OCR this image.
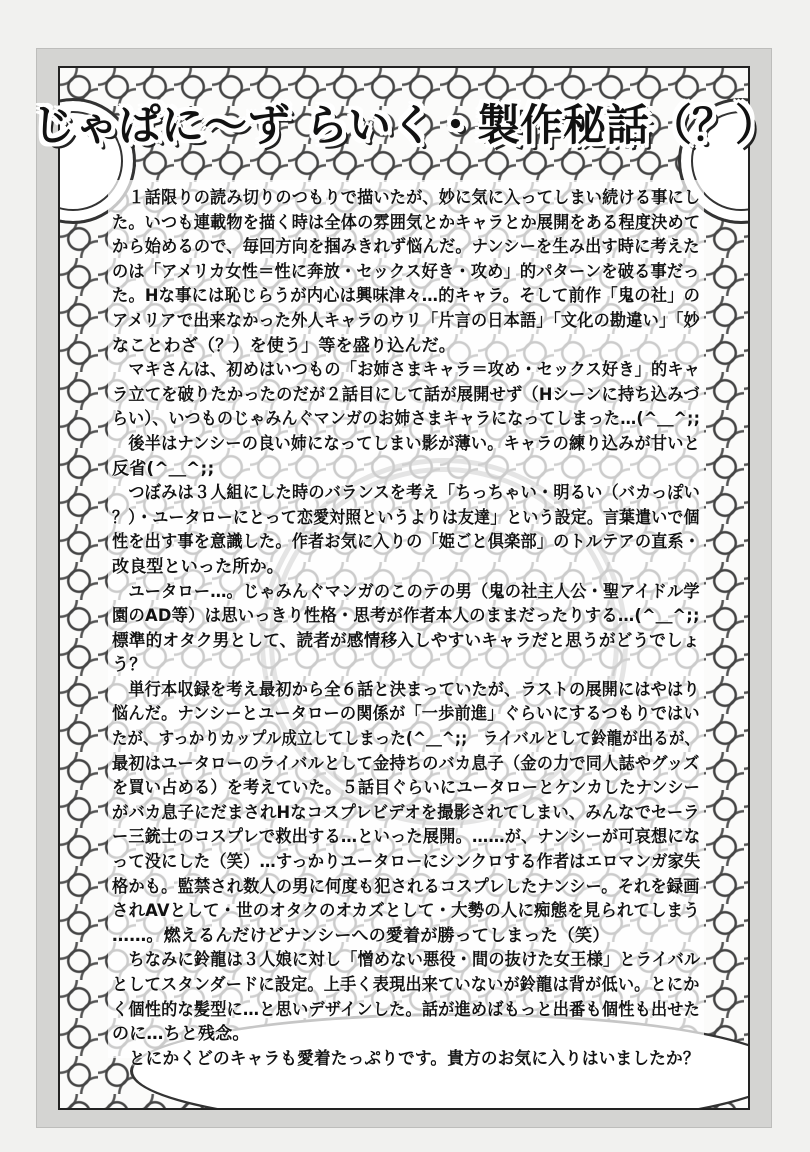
じゃぱに〜ず らいく・製作秘話（？）
　１話限りの読み切りのつもりで描いたが、妙に気に入ってしまい続ける事にし
た。いつも連載物を描く時は全体の雰囲気とかキャラとか展開をある程度決めて
から始めるので、毎回方向を掴みきれず悩んだ。ナンシーを生み出す時に考えた
のは「アメリカ女性＝性に奔放・セックス好き・攻め」的パターンを破る事だっ
た。Hな事には恥じらうが内心は興味津々…的キャラ。そして前作「鬼の社」の
アメリアで出来なかった外人キャラのウリ「片言の日本語」「文化の勘違い」「妙
なことわざ（？）を使う」等を盛り込んだ。
　マキさんは、初めはいつもの「お姉さまキャラ＝攻め・セックス好き」的キャ
ラ立てを破りたかったのだが２話目にして話が展開せず（Hシーンに持ち込みづ
らい）、いつものじゃみんぐマンガのお姉さまキャラになってしまった…(^＿^;;
　後半はナンシーの良い姉になってしまい影が薄い。キャラの練り込みが甘いと
反省(^＿^;;
　つぼみは３人組にした時のバランスを考え「ちっちゃい・明るい（バカっぽい
？）・ユータローにとって恋愛対照というよりは友達」という設定。言葉遣いで個
性を出す事を意識した。作者お気に入りの「姫ごと倶楽部」のトルテアの直系・
改良型といった所か。
　ユータロー…。じゃみんぐマンガのこのテの男（鬼の社主人公・聖アイドル学
園のAD等）は思いっきり性格・思考が作者本人のままだったりする…(^＿^;;
標準的オタク男として、読者が感情移入しやすいキャラだと思うがどうでしょ
う？
　単行本収録を考え最初から全６話と決まっていたが、ラストの展開にはやはり
悩んだ。ナンシーとユータローの関係が「一歩前進」ぐらいにするつもりではい
たが、すっかりカップル成立してしまった(^＿^;;　ライバルとして鈴龍が出るが、
最初はユータローのライバルとして金持ちのバカ息子（金の力で同人誌やグッズ
を買い占める）を考えていた。５話目ぐらいにユータローとケンカしたナンシー
がバカ息子にだまされHなコスプレビデオを撮影されてしまい、みんなでセーラ
ー三銃士のコスプレで救出する…といった展開。……が、ナンシーが可哀想にな
って没にした（笑）…すっかりユータローにシンクロする作者はエロマンガ家失
格かも。監禁され数人の男に何度も犯されるコスプレしたナンシー。それを録画
されAVとして・世のオタクのオカズとして・大勢の人に痴態を見られてしまう
……。燃えるんだけどナンシーへの愛着が勝ってしまった（笑）
　ちなみに鈴龍は３人娘に対し「憎めない悪役・間の抜けた女王様」とライバル
としてスタンダードに設定。上手く表現出来ていないが鈴龍は背が低い。とにか
く個性的な髪型に…と思いデザインした。話が進めばもっと出番も個性も出せた
のに…ちと残念。
　とにかくどのキャラも愛着たっぷりです。貴方のお気に入りはいましたか？
